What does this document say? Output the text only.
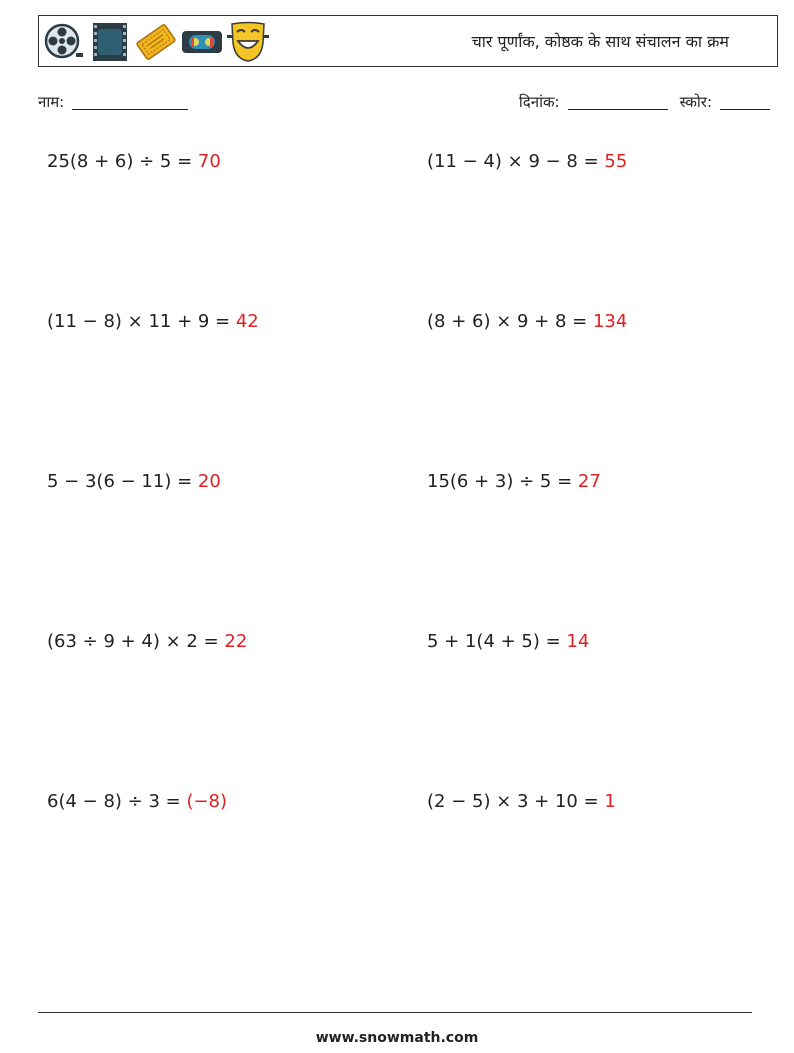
चार पूर्णांक, कोष्ठक के साथ संचालन का क्रम
नाम:	दिनांक:	स्कोर:
25(8 + 6) ÷ 5 = 70	(11 − 4) × 9 − 8 = 55
(11 − 8) × 11 + 9 = 42	(8 + 6) × 9 + 8 = 134
5 − 3(6 − 11) = 20	15(6 + 3) ÷ 5 = 27
(63 ÷ 9 + 4) × 2 = 22	5 + 1(4 + 5) = 14
6(4 − 8) ÷ 3 = (−8)	(2 − 5) × 3 + 10 = 1
www.snowmath.com
